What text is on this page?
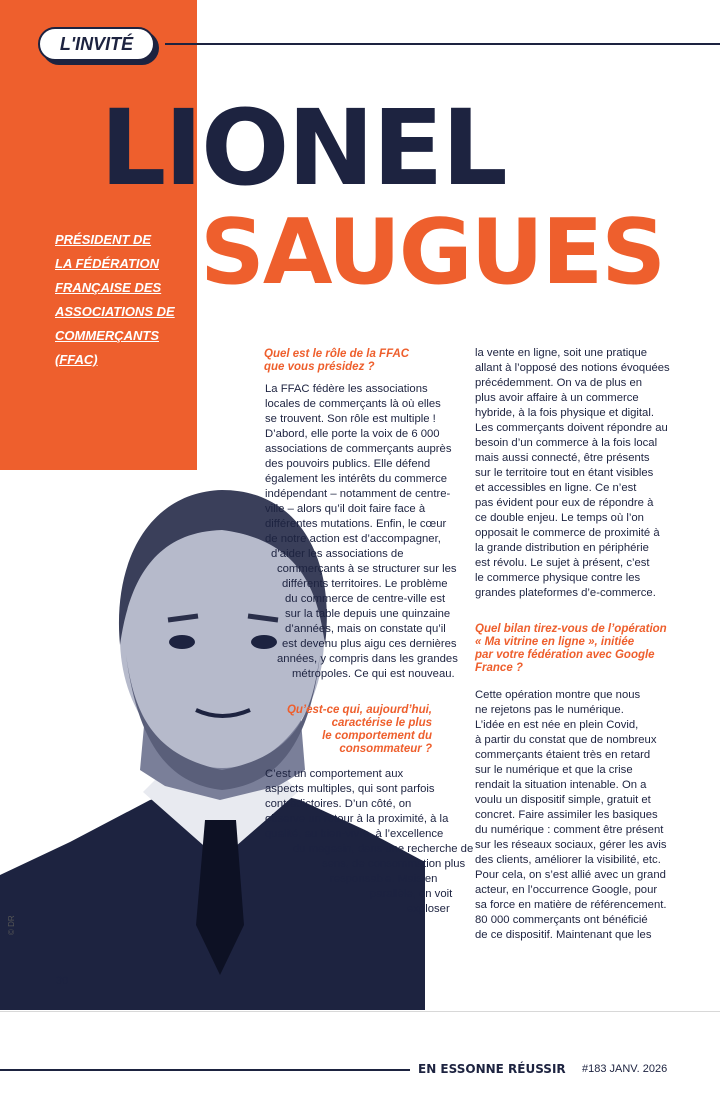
L'INVITÉ
LIONEL
SAUGUES
PRÉSIDENT DE
LA FÉDÉRATION
FRANÇAISE DES
ASSOCIATIONS DE
COMMERÇANTS
(FFAC)
© DR
30
Quel est le rôle de la FFAC
que vous présidez ?
La FFAC fédère les associations
locales de commerçants là où elles
se trouvent. Son rôle est multiple !
D’abord, elle porte la voix de 6 000
associations de commerçants auprès
des pouvoirs publics. Elle défend
également les intérêts du commerce
indépendant – notamment de centre-
ville – alors qu’il doit faire face à
différentes mutations. Enfin, le cœur
de notre action est d’accompagner,
d’aider les associations de
commerçants à se structurer sur les
différents territoires. Le problème
du commerce de centre-ville est
sur la table depuis une quinzaine
d’années, mais on constate qu’il
est devenu plus aigu ces dernières
années, y compris dans les grandes
métropoles. Ce qui est nouveau.
Qu’est-ce qui, aujourd’hui,
caractérise le plus
le comportement du
consommateur ?
C’est un comportement aux
aspects multiples, qui sont parfois
contradictoires. D’un côté, on
observe un retour à la proximité, à la
qualité, au bien-vivre, à l’excellence
du magasin, dans une recherche de
sens, de consommation plus
responsable. Mais en
parallèle, on voit
exploser
la vente en ligne, soit une pratique
allant à l’opposé des notions évoquées
précédemment. On va de plus en
plus avoir affaire à un commerce
hybride, à la fois physique et digital.
Les commerçants doivent répondre au
besoin d’un commerce à la fois local
mais aussi connecté, être présents
sur le territoire tout en étant visibles
et accessibles en ligne. Ce n’est
pas évident pour eux de répondre à
ce double enjeu. Le temps où l’on
opposait le commerce de proximité à
la grande distribution en périphérie
est révolu. Le sujet à présent, c’est
le commerce physique contre les
grandes plateformes d’e-commerce.
Quel bilan tirez-vous de l’opération
« Ma vitrine en ligne », initiée
par votre fédération avec Google
France ?
Cette opération montre que nous
ne rejetons pas le numérique.
L’idée en est née en plein Covid,
à partir du constat que de nombreux
commerçants étaient très en retard
sur le numérique et que la crise
rendait la situation intenable. On a
voulu un dispositif simple, gratuit et
concret. Faire assimiler les basiques
du numérique : comment être présent
sur les réseaux sociaux, gérer les avis
des clients, améliorer la visibilité, etc.
Pour cela, on s’est allié avec un grand
acteur, en l’occurrence Google, pour
sa force en matière de référencement.
80 000 commerçants ont bénéficié
de ce dispositif. Maintenant que les
EN ESSONNE RÉUSSIR #183 JANV. 2026
